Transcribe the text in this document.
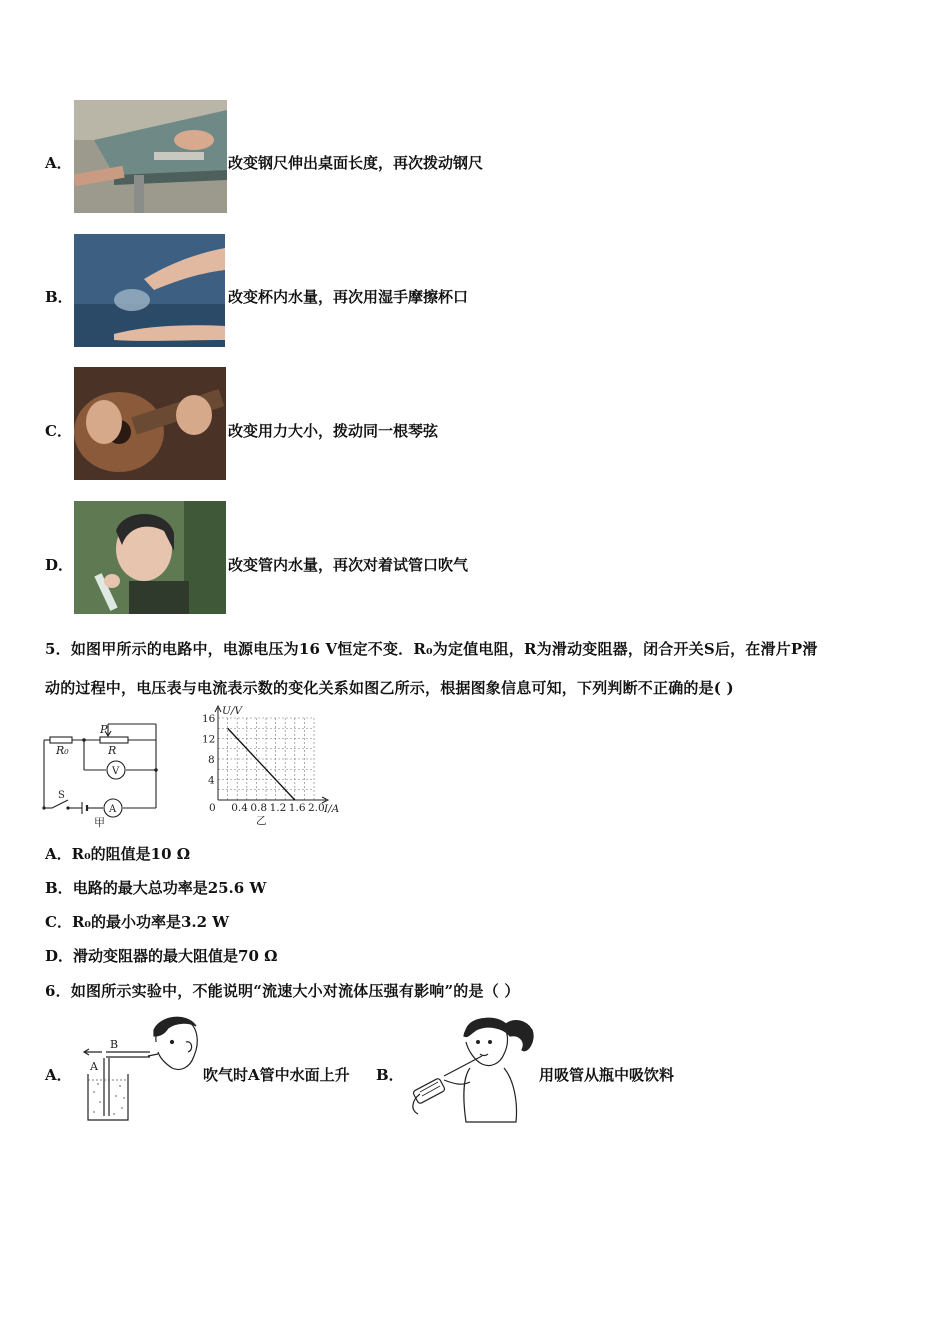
A．	改变钢尺伸出桌面长度，再次拨动钢尺
B．	改变杯内水量，再次用湿手摩擦杯口
C．	改变用力大小，拨动同一根琴弦
D．	改变管内水量，再次对着试管口吹气
5．如图甲所示的电路中，电源电压为16 V恒定不变．R₀为定值电阻，R为滑动变阻器，闭合开关S后，在滑片P滑
动的过程中，电压表与电流表示数的变化关系如图乙所示，根据图象信息可知，下列判断不正确的是( )
R₀
P
R
V
A
S
甲
0 0.4 0.8 1.2 1.6 2.0
4
8
12
16
U/V
I/A
乙
A．R₀的阻值是10 Ω
B．电路的最大总功率是25.6 W
C．R₀的最小功率是3.2 W
D．滑动变阻器的最大阻值是70 Ω
6．如图所示实验中，不能说明“流速大小对流体压强有影响”的是（ ）
A．
B
A	吹气时A管中水面上升 B．	用吸管从瓶中吸饮料
